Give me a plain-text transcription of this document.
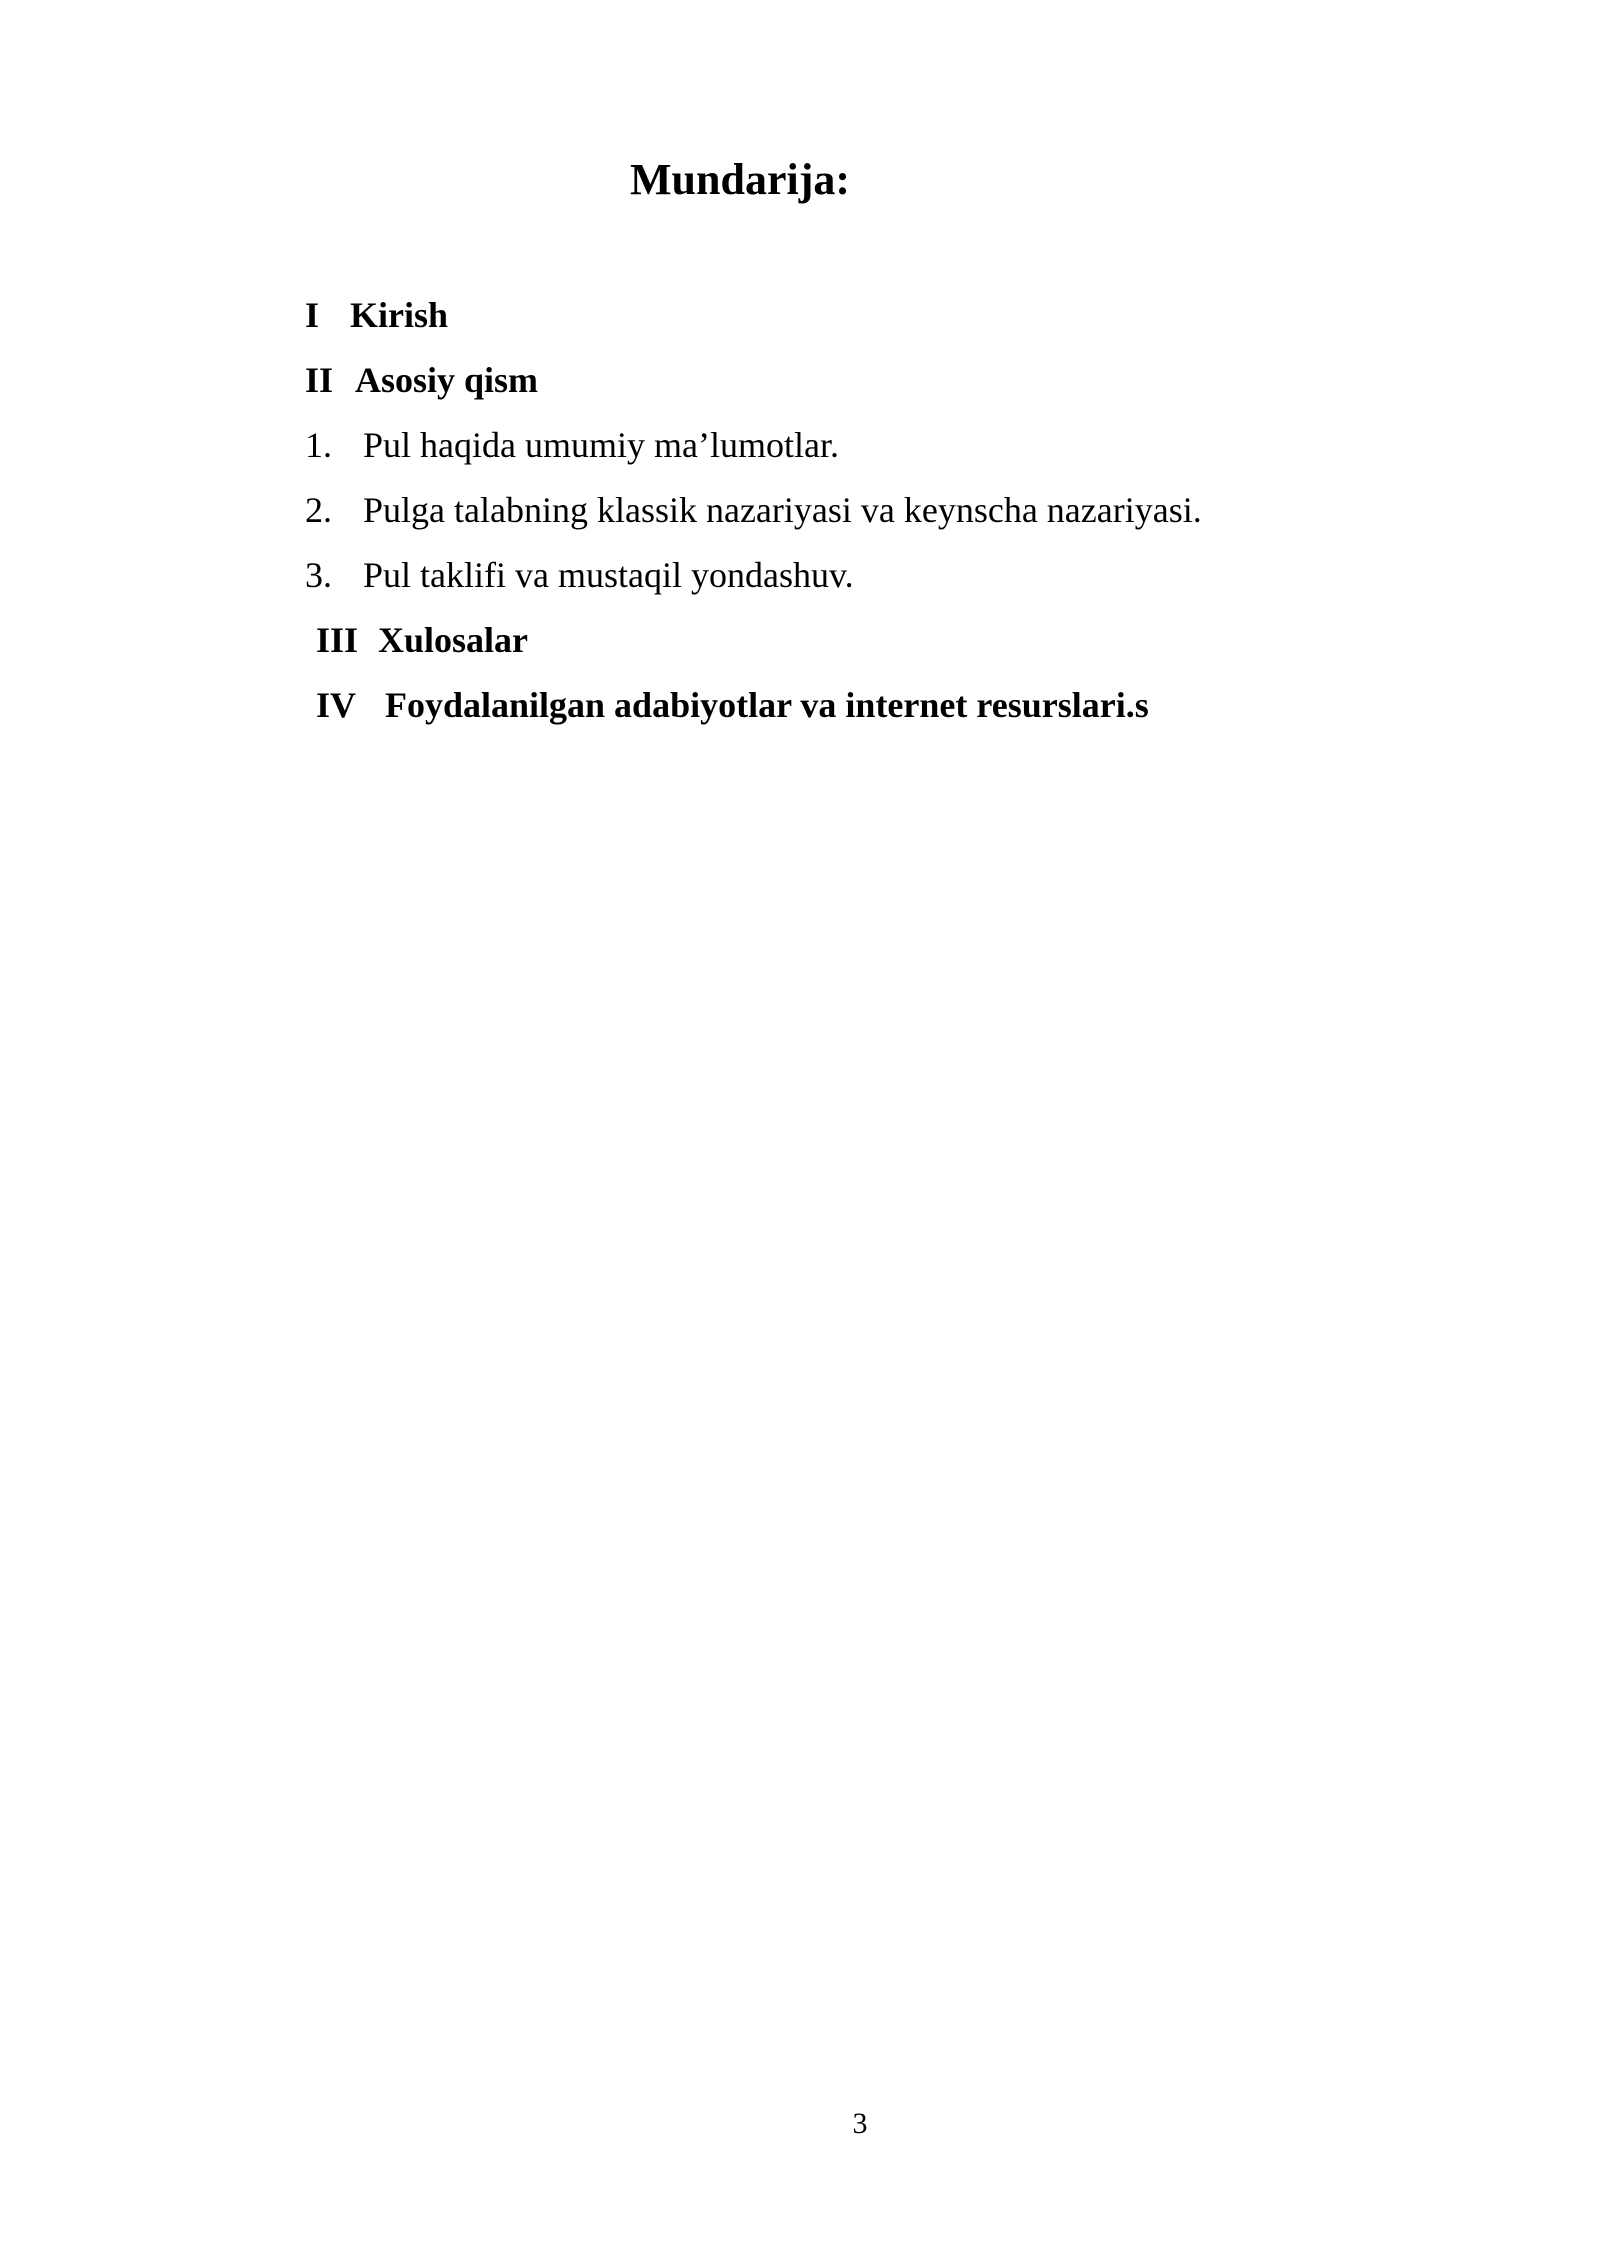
Mundarija:
I Kirish
II Asosiy qism
1. Pul haqida umumiy ma’lumotlar.
2. Pulga talabning klassik nazariyasi va keynscha nazariyasi.
3. Pul taklifi va mustaqil yondashuv.
III Xulosalar
IV Foydalanilgan adabiyotlar va internet resurslari.s
3
